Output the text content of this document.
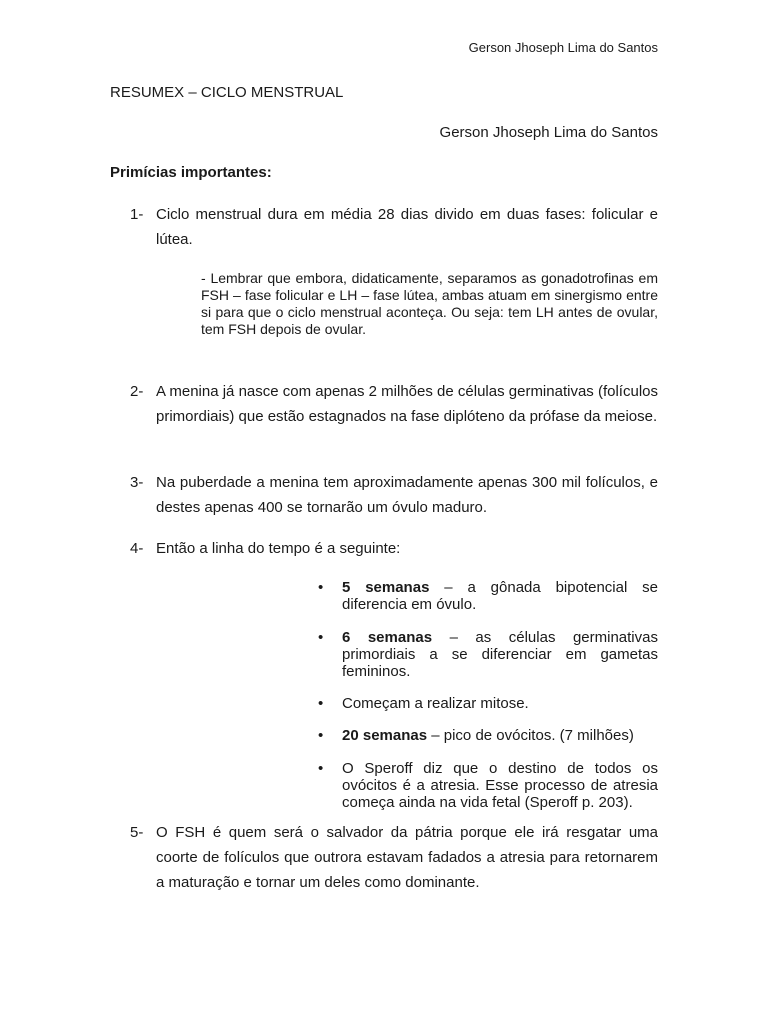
Gerson Jhoseph Lima do Santos
RESUMEX – CICLO MENSTRUAL
Gerson Jhoseph Lima do Santos
Primícias importantes:
1- Ciclo menstrual dura em média 28 dias divido em duas fases: folicular e lútea.
- Lembrar que embora, didaticamente, separamos as gonadotrofinas em FSH – fase folicular e LH – fase lútea, ambas atuam em sinergismo entre si para que o ciclo menstrual aconteça. Ou seja: tem LH antes de ovular, tem FSH depois de ovular.
2- A menina já nasce com apenas 2 milhões de células germinativas (folículos primordiais) que estão estagnados na fase diplóteno da prófase da meiose.
3- Na puberdade a menina tem aproximadamente apenas 300 mil folículos, e destes apenas 400 se tornarão um óvulo maduro.
4- Então a linha do tempo é a seguinte:
• 5 semanas – a gônada bipotencial se diferencia em óvulo.
• 6 semanas – as células germinativas primordiais a se diferenciar em gametas femininos.
• Começam a realizar mitose.
• 20 semanas – pico de ovócitos. (7 milhões)
• O Speroff diz que o destino de todos os ovócitos é a atresia. Esse processo de atresia começa ainda na vida fetal (Speroff p. 203).
5- O FSH é quem será o salvador da pátria porque ele irá resgatar uma coorte de folículos que outrora estavam fadados a atresia para retornarem a maturação e tornar um deles como dominante.
